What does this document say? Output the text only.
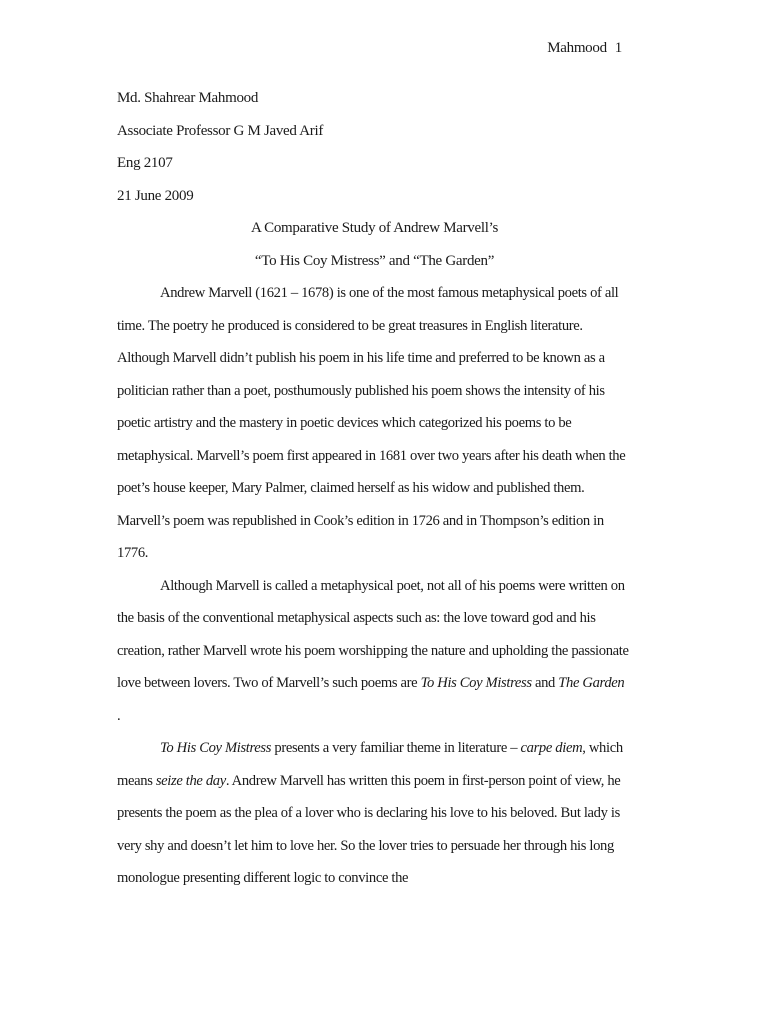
Mahmood 1
Md. Shahrear Mahmood
Associate Professor G M Javed Arif
Eng 2107
21 June 2009
A Comparative Study of Andrew Marvell’s
“To His Coy Mistress” and “The Garden”
Andrew Marvell (1621 – 1678) is one of the most famous metaphysical poets of all
time. The poetry he produced is considered to be great treasures in English literature.
Although Marvell didn’t publish his poem in his life time and preferred to be known as a
politician rather than a poet, posthumously published his poem shows the intensity of his
poetic artistry and the mastery in poetic devices which categorized his poems to be
metaphysical. Marvell’s poem first appeared in 1681 over two years after his death when the
poet’s house keeper, Mary Palmer, claimed herself as his widow and published them.
Marvell’s poem was republished in Cook’s edition in 1726 and in Thompson’s edition in
1776.
Although Marvell is called a metaphysical poet, not all of his poems were written on
the basis of the conventional metaphysical aspects such as: the love toward god and his
creation, rather Marvell wrote his poem worshipping the nature and upholding the passionate
love between lovers. Two of Marvell’s such poems are To His Coy Mistress and The Garden
.
To His Coy Mistress presents a very familiar theme in literature – carpe diem, which
means seize the day. Andrew Marvell has written this poem in first-person point of view, he
presents the poem as the plea of a lover who is declaring his love to his beloved. But lady is
very shy and doesn’t let him to love her. So the lover tries to persuade her through his long
monologue presenting different logic to convince the
